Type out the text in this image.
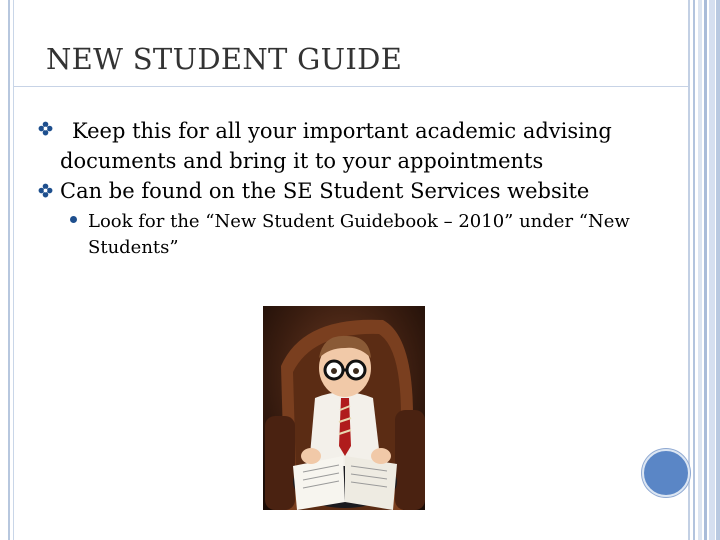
NEW STUDENT GUIDE
Keep this for all your important academic advising
documents and bring it to your appointments
Can be found on the SE Student Services website
Look for the “New Student Guidebook – 2010” under “New Students”
